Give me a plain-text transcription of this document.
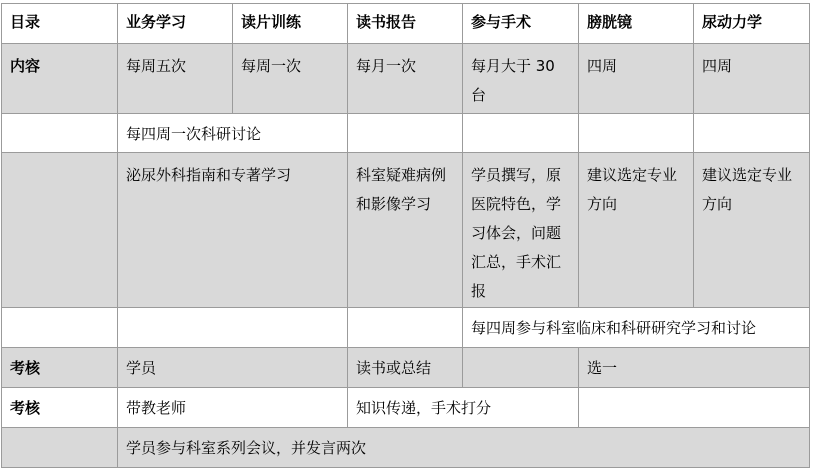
目录	业务学习	读片训练	读书报告	参与手术	膀胱镜	尿动力学
内容	每周五次	每周一次	每月一次	每月大于 30 台	四周	四周
	每四周一次科研讨论					
	泌尿外科指南和专著学习		科室疑难病例和影像学习	学员撰写，原医院特色，学习体会，问题汇总，手术汇报	建议选定专业方向	建议选定专业方向
				每四周参与科室临床和科研研究学习和讨论		
考核	学员		读书或总结		选一	
考核	带教老师		知识传递，手术打分			
	学员参与科室系列会议，并发言两次					
